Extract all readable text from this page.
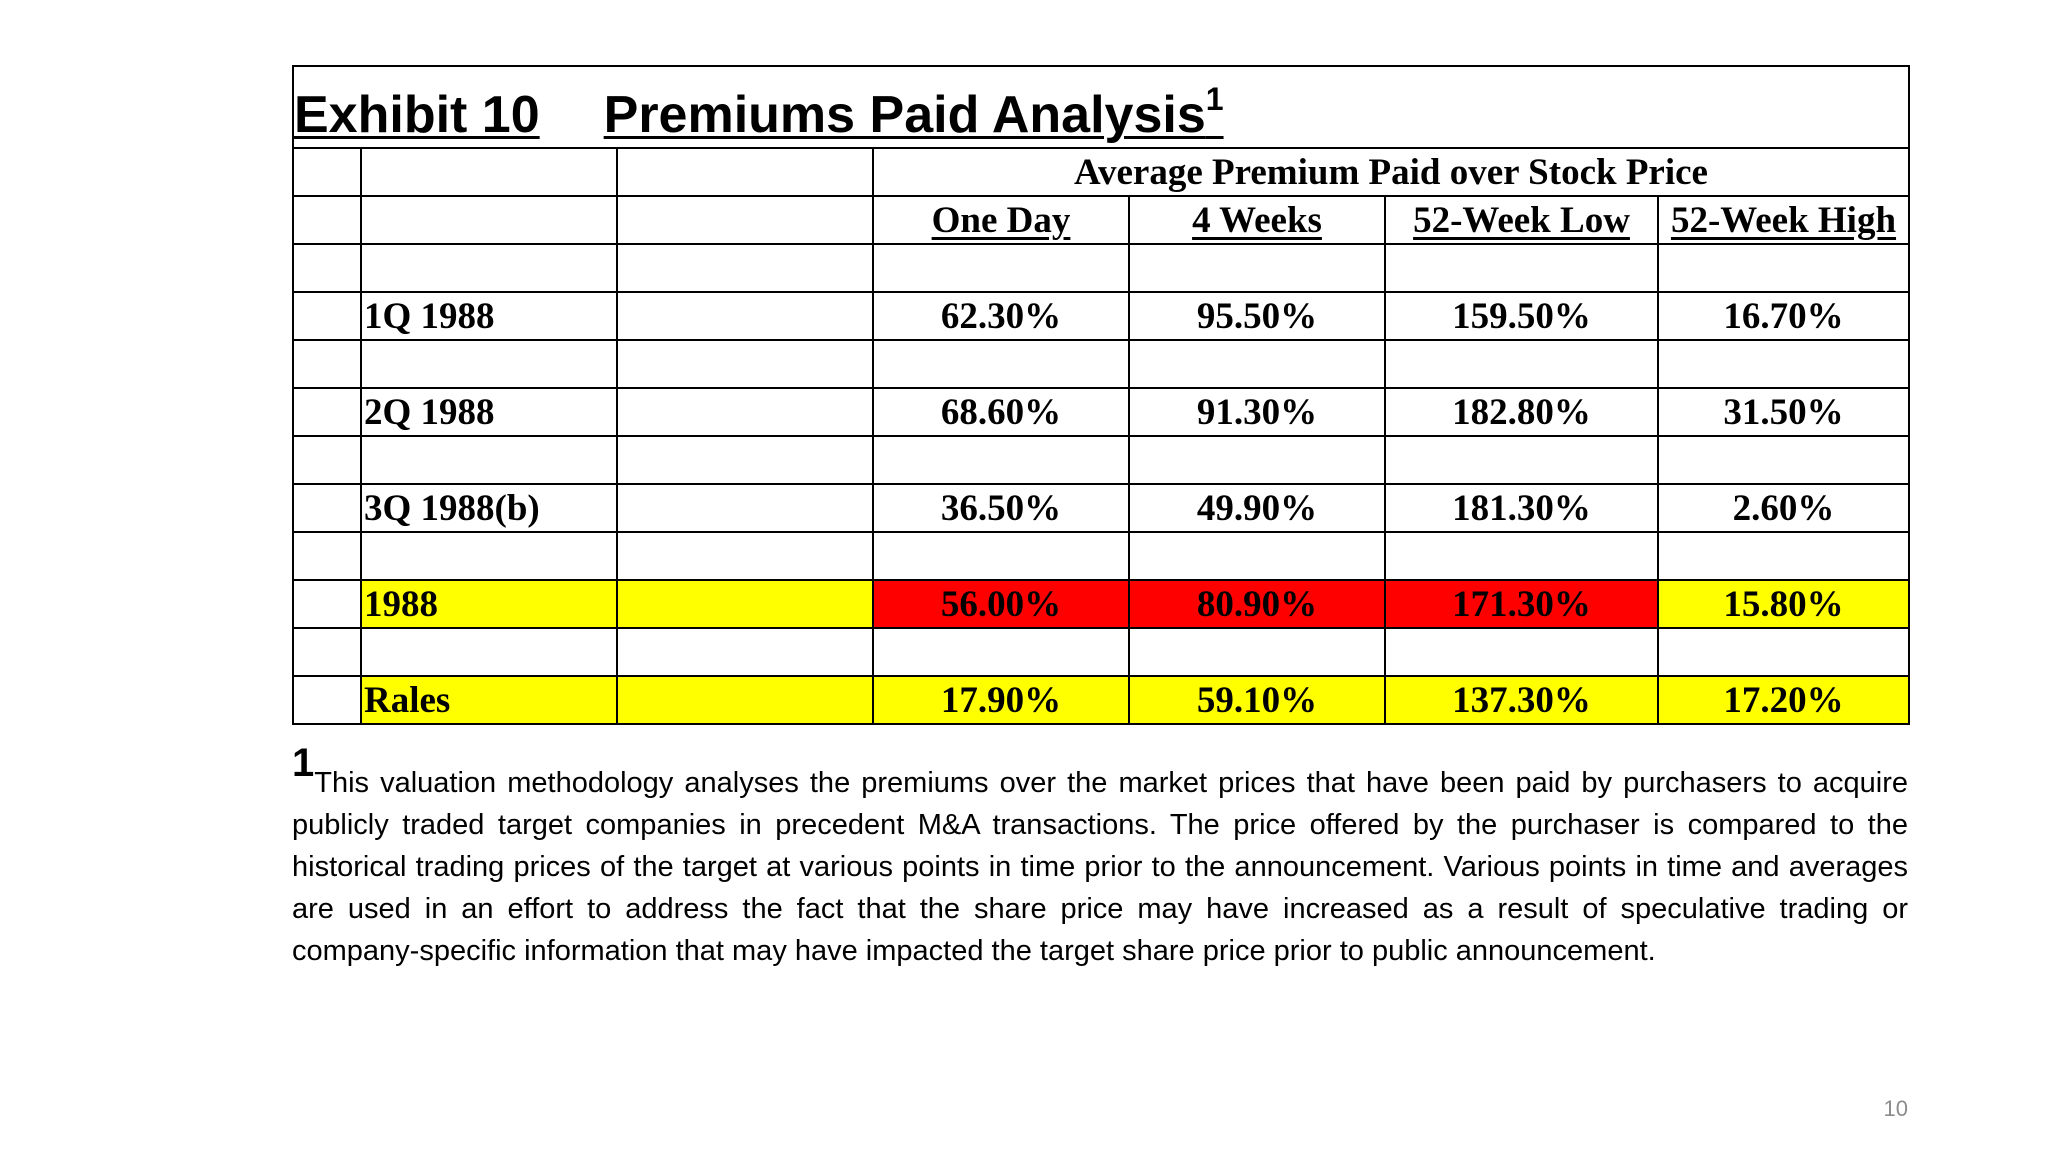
Exhibit 10 Premiums Paid Analysis$^1$
			Average Premium Paid over Stock Price			
			One Day	4 Weeks	52-Week Low	52-Week High

	1Q 1988		62.30%	95.50%	159.50%	16.70%

	2Q 1988		68.60%	91.30%	182.80%	31.50%

	3Q 1988(b)		36.50%	49.90%	181.30%	2.60%

	1988		56.00%	80.90%	171.30%	15.80%

	Rales		17.90%	59.10%	137.30%	17.20%
1This valuation methodology analyses the premiums over the market prices that have been paid by purchasers to acquire publicly traded target companies in precedent M&A transactions. The price offered by the purchaser is compared to the historical trading prices of the target at various points in time prior to the announcement. Various points in time and averages are used in an effort to address the fact that the share price may have increased as a result of speculative trading or company-specific information that may have impacted the target share price prior to public announcement.
10
